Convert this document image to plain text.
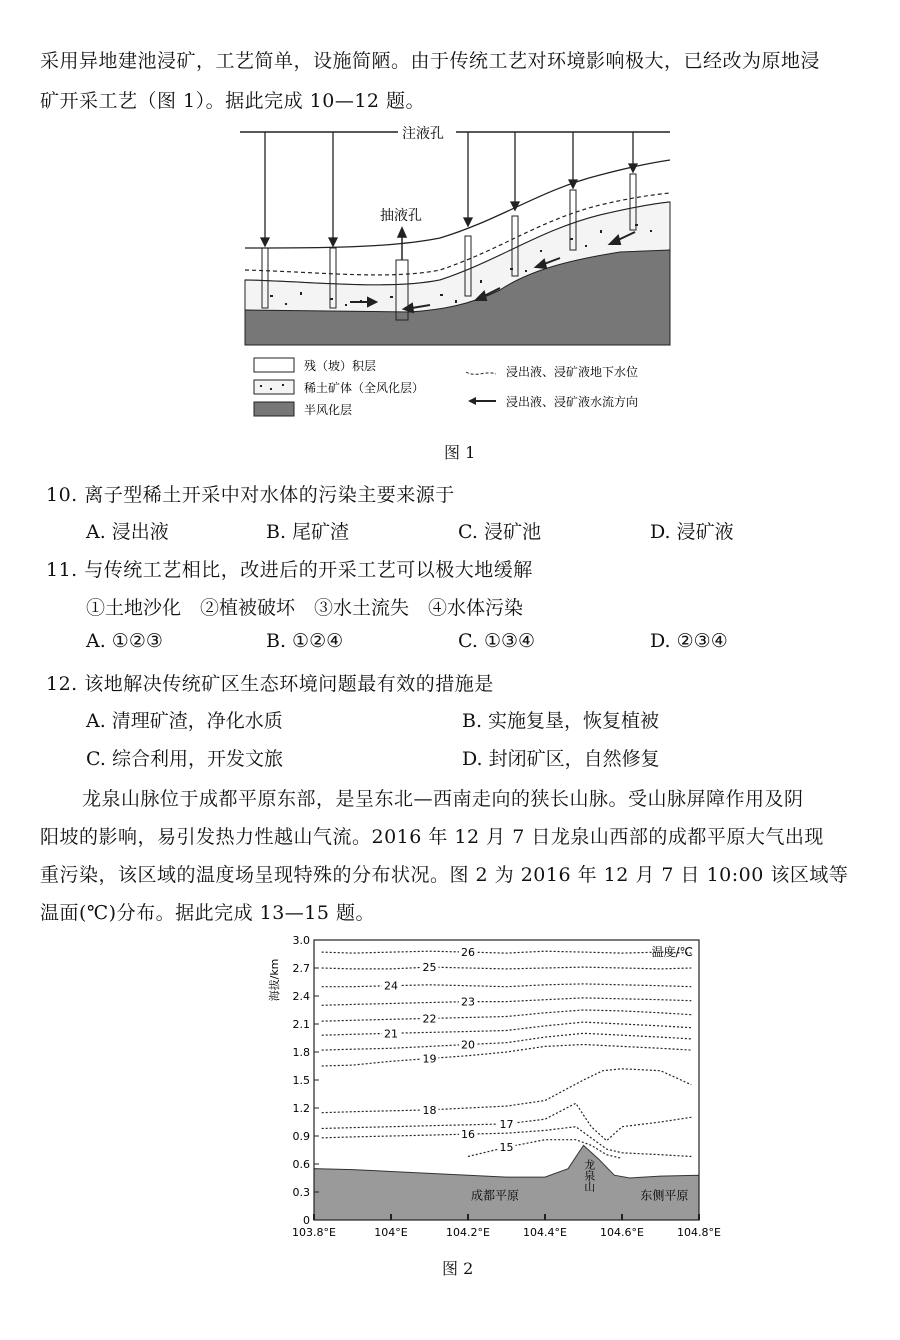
采用异地建池浸矿，工艺简单，设施简陋。由于传统工艺对环境影响极大，已经改为原地浸
矿开采工艺（图 1）。据此完成 10—12 题。
注液孔
抽液孔
残（坡）积层
稀土矿体（全风化层）
半风化层
浸出液、浸矿液地下水位
浸出液、浸矿液水流方向
图 1
10. 离子型稀土开采中对水体的污染主要来源于
A. 浸出液	B. 尾矿渣	C. 浸矿池	D. 浸矿液
11. 与传统工艺相比，改进后的开采工艺可以极大地缓解
①土地沙化　②植被破坏　③水土流失　④水体污染
A. ①②③	B. ①②④	C. ①③④	D. ②③④
12. 该地解决传统矿区生态环境问题最有效的措施是
A. 清理矿渣，净化水质	B. 实施复垦，恢复植被
C. 综合利用，开发文旅	D. 封闭矿区，自然修复
龙泉山脉位于成都平原东部，是呈东北—西南走向的狭长山脉。受山脉屏障作用及阴
阳坡的影响，易引发热力性越山气流。2016 年 12 月 7 日龙泉山西部的成都平原大气出现
重污染，该区域的温度场呈现特殊的分布状况。图 2 为 2016 年 12 月 7 日 10:00 该区域等
温面(℃)分布。据此完成 13—15 题。
26
25
24
23
22
21
20
19
18
17
16
15
0
0.3
0.6
0.9
1.2
1.5
1.8
2.1
2.4
2.7
3.0
103.8°E	104°E	104.2°E	104.4°E	104.6°E	104.8°E
海拔/km
温度/℃
成都平原	东侧平原
龙泉山
图 2
